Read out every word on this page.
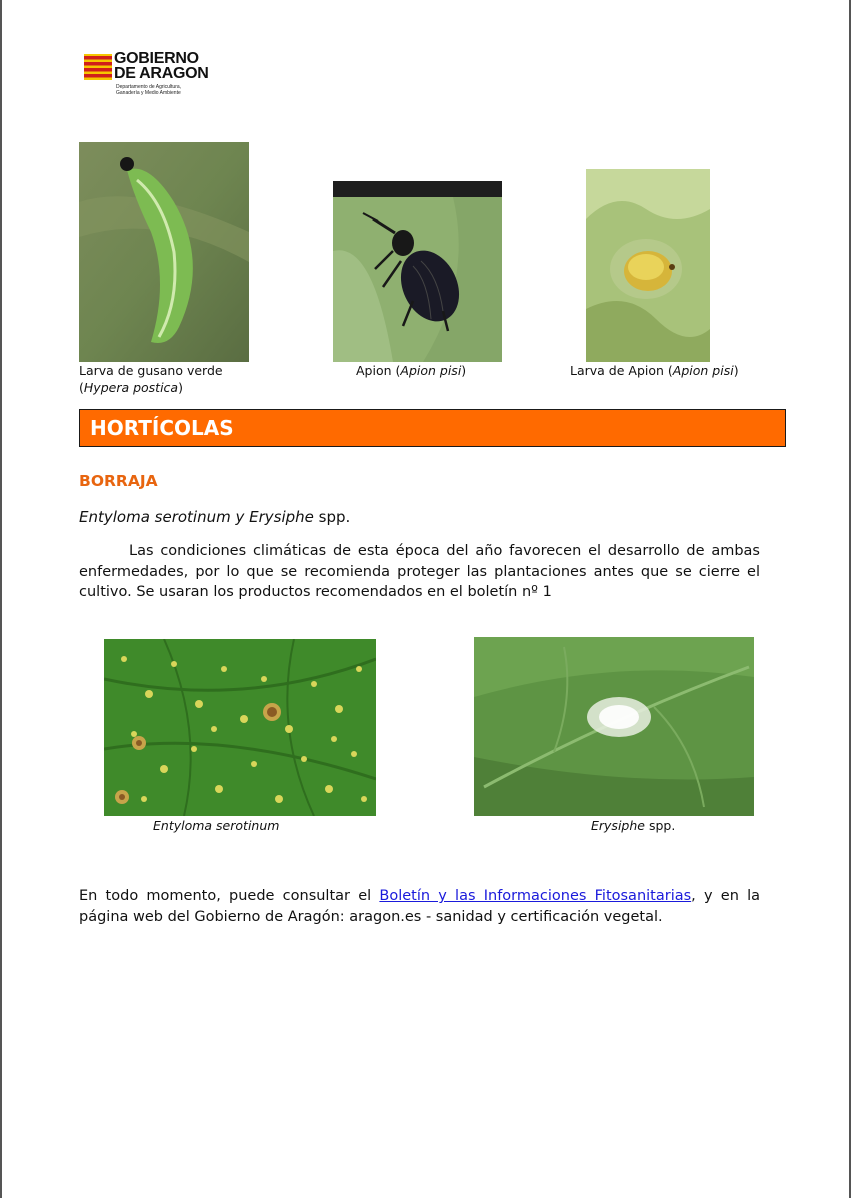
GOBIERNO
DE ARAGON
Departamento de Agricultura,
Ganadería y Medio Ambiente
Larva de gusano verde
(Hypera postica)
Apion (Apion pisi)	Larva de Apion (Apion pisi)
HORTÍCOLAS
BORRAJA
Entyloma serotinum y Erysiphe spp.
Las condiciones climáticas de esta época del año favorecen el desarrollo de ambas enfermedades, por lo que se recomienda proteger las plantaciones antes que se cierre el cultivo. Se usaran los productos recomendados en el boletín nº 1
Entyloma serotinum	Erysiphe spp.
En todo momento, puede consultar el Boletín y las Informaciones Fitosanitarias, y en la página web del Gobierno de Aragón: aragon.es - sanidad y certificación vegetal.
